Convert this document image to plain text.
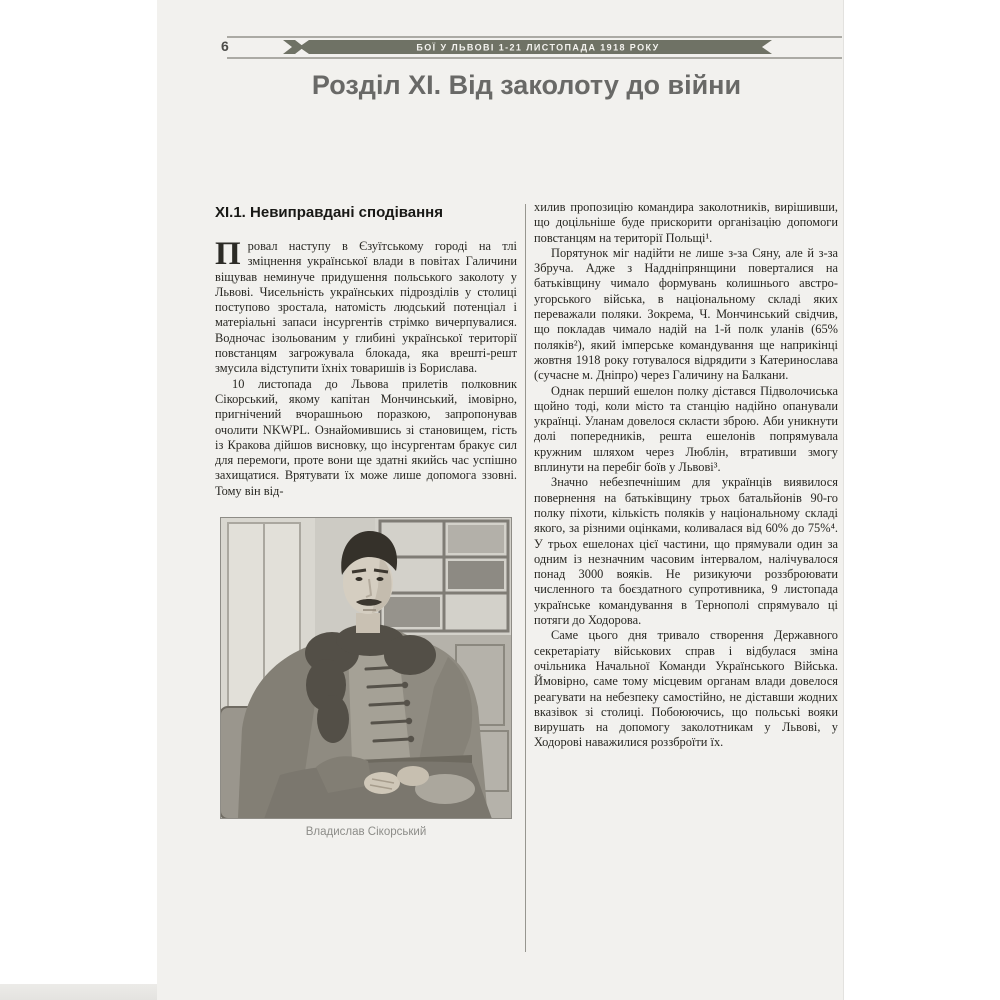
6	БОЇ У ЛЬВОВІ 1-21 ЛИСТОПАДА 1918 РОКУ
Розділ XI. Від заколоту до війни
XI.1. Невиправдані сподівання

Провал наступу в Єзуїтському городі на тлі зміцнення української влади в повітах Галичини віщував неминуче придушення польського заколоту у Львові. Чисельність українських підрозділів у столиці поступово зростала, натомість людський потенціал і матеріальні запаси інсургентів стрімко вичерпувалися. Водночас ізольованим у глибині української території повстанцям загрожувала блокада, яка врешті-решт змусила відступити їхніх товаришів із Борислава.

10 листопада до Львова прилетів полковник Сікорський, якому капітан Мончинський, імовірно, пригнічений вчорашньою поразкою, запропонував очолити NKWPL. Ознайомившись зі становищем, гість із Кракова дійшов висновку, що інсургентам бракує сил для перемоги, проте вони ще здатні якийсь час успішно захищатися. Врятувати їх може лише допомога ззовні. Тому він від-

Владислав Сікорський

хилив пропозицію командира заколотників, вирішивши, що доцільніше буде прискорити організацію допомоги повстанцям на території Польщі¹.

Порятунок міг надійти не лише з-за Сяну, але й з-за Збруча. Адже з Наддніпрянщини поверталися на батьківщину чимало формувань колишнього австро-угорського війська, в національному складі яких переважали поляки. Зокрема, Ч. Мончинський свідчив, що покладав чимало надій на 1-й полк уланів (65% поляків²), який імперське командування ще наприкінці жовтня 1918 року готувалося відрядити з Катеринослава (сучасне м. Дніпро) через Галичину на Балкани.

Однак перший ешелон полку дістався Підволочиська щойно тоді, коли місто та станцію надійно опанували українці. Уланам довелося скласти зброю. Аби уникнути долі попередників, решта ешелонів попрямувала кружним шляхом через Люблін, втративши змогу вплинути на перебіг боїв у Львові³.

Значно небезпечнішим для українців виявилося повернення на батьківщину трьох батальйонів 90-го полку піхоти, кількість поляків у національному складі якого, за різними оцінками, коливалася від 60% до 75%⁴. У трьох ешелонах цієї частини, що прямували один за одним із незначним часовим інтервалом, налічувалося понад 3000 вояків. Не ризикуючи роззброювати численного та боєздатного супротивника, 9 листопада українське командування в Тернополі спрямувало ці потяги до Ходорова.

Саме цього дня тривало створення Державного секретаріату військових справ і відбулася зміна очільника Начальної Команди Українського Війська. Ймовірно, саме тому місцевим органам влади довелося реагувати на небезпеку самостійно, не діставши жодних вказівок зі столиці. Побоюючись, що польські вояки вирушать на допомогу заколотникам у Львові, у Ходорові наважилися роззброїти їх.
